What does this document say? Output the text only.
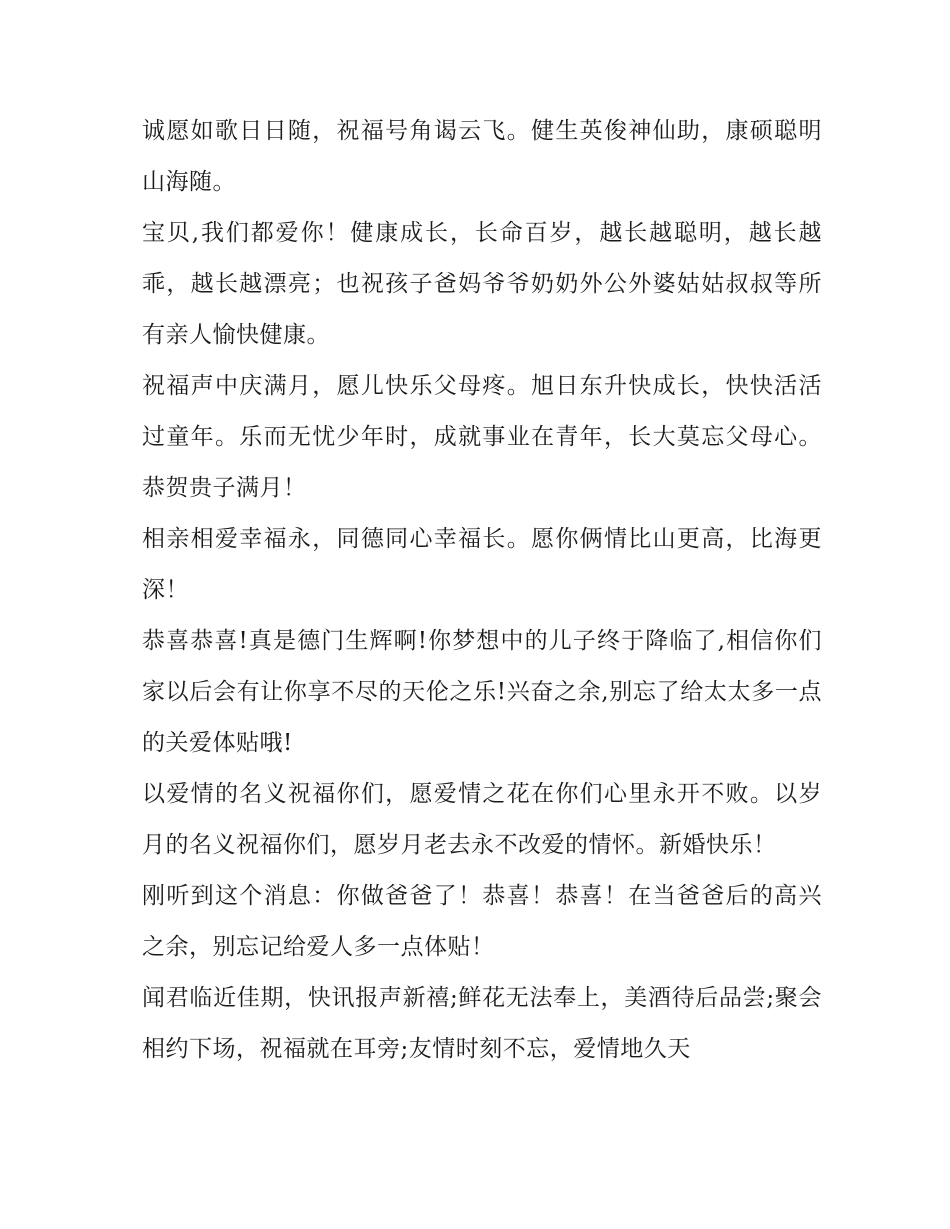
诚愿如歌日日随，祝福号角谒云飞。健生英俊神仙助，康硕聪明山海随。

宝贝,我们都爱你！健康成长，长命百岁，越长越聪明，越长越乖，越长越漂亮；也祝孩子爸妈爷爷奶奶外公外婆姑姑叔叔等所有亲人愉快健康。

祝福声中庆满月，愿儿快乐父母疼。旭日东升快成长，快快活活过童年。乐而无忧少年时，成就事业在青年，长大莫忘父母心。恭贺贵子满月！

相亲相爱幸福永，同德同心幸福长。愿你俩情比山更高，比海更深！

恭喜恭喜!真是德门生辉啊!你梦想中的儿子终于降临了,相信你们家以后会有让你享不尽的天伦之乐!兴奋之余,别忘了给太太多一点的关爱体贴哦!

以爱情的名义祝福你们，愿爱情之花在你们心里永开不败。以岁月的名义祝福你们，愿岁月老去永不改爱的情怀。新婚快乐！

刚听到这个消息：你做爸爸了！恭喜！恭喜！在当爸爸后的高兴之余，别忘记给爱人多一点体贴！

闻君临近佳期，快讯报声新禧;鲜花无法奉上，美酒待后品尝;聚会相约下场，祝福就在耳旁;友情时刻不忘，爱情地久天
